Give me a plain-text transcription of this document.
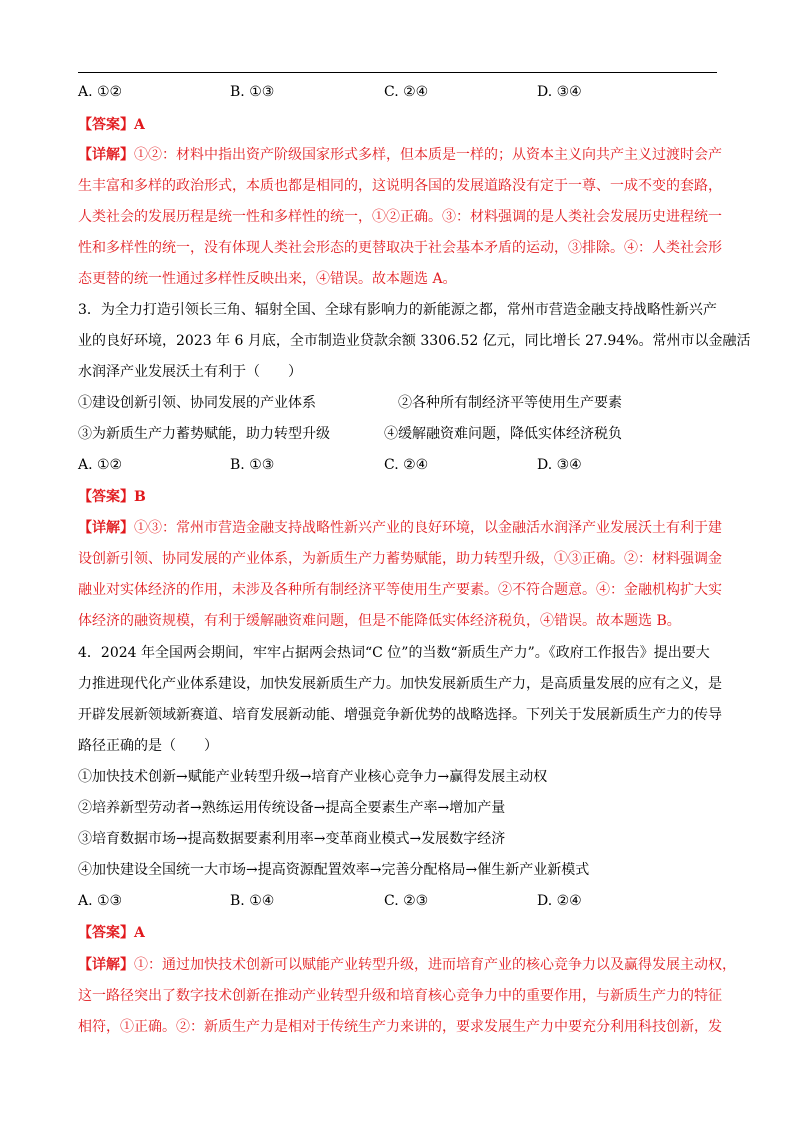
A. ①②	B. ①③	C. ②④	D. ③④
【答案】A
【详解】①②：材料中指出资产阶级国家形式多样，但本质是一样的；从资本主义向共产主义过渡时会产
生丰富和多样的政治形式，本质也都是相同的，这说明各国的发展道路没有定于一尊、一成不变的套路，
人类社会的发展历程是统一性和多样性的统一，①②正确。③：材料强调的是人类社会发展历史进程统一
性和多样性的统一，没有体现人类社会形态的更替取决于社会基本矛盾的运动，③排除。④：人类社会形
态更替的统一性通过多样性反映出来，④错误。故本题选 A。
3．为全力打造引领长三角、辐射全国、全球有影响力的新能源之都，常州市营造金融支持战略性新兴产
业的良好环境，2023 年 6 月底，全市制造业贷款余额 3306.52 亿元，同比增长 27.94%。常州市以金融活
水润泽产业发展沃土有利于（　　）
①建设创新引领、协同发展的产业体系	②各种所有制经济平等使用生产要素
③为新质生产力蓄势赋能，助力转型升级	④缓解融资难问题，降低实体经济税负
A. ①②	B. ①③	C. ②④	D. ③④
【答案】B
【详解】①③：常州市营造金融支持战略性新兴产业的良好环境，以金融活水润泽产业发展沃土有利于建
设创新引领、协同发展的产业体系，为新质生产力蓄势赋能，助力转型升级，①③正确。②：材料强调金
融业对实体经济的作用，未涉及各种所有制经济平等使用生产要素。②不符合题意。④：金融机构扩大实
体经济的融资规模，有利于缓解融资难问题，但是不能降低实体经济税负，④错误。故本题选 B。
4．2024 年全国两会期间，牢牢占据两会热词“C 位”的当数“新质生产力”。《政府工作报告》提出要大
力推进现代化产业体系建设，加快发展新质生产力。加快发展新质生产力，是高质量发展的应有之义，是
开辟发展新领域新赛道、培育发展新动能、增强竞争新优势的战略选择。下列关于发展新质生产力的传导
路径正确的是（　　）
①加快技术创新→赋能产业转型升级→培育产业核心竞争力→赢得发展主动权
②培养新型劳动者→熟练运用传统设备→提高全要素生产率→增加产量
③培育数据市场→提高数据要素利用率→变革商业模式→发展数字经济
④加快建设全国统一大市场→提高资源配置效率→完善分配格局→催生新产业新模式
A. ①③	B. ①④	C. ②③	D. ②④
【答案】A
【详解】①：通过加快技术创新可以赋能产业转型升级，进而培育产业的核心竞争力以及赢得发展主动权，
这一路径突出了数字技术创新在推动产业转型升级和培育核心竞争力中的重要作用，与新质生产力的特征
相符，①正确。②：新质生产力是相对于传统生产力来讲的，要求发展生产力中要充分利用科技创新，发
